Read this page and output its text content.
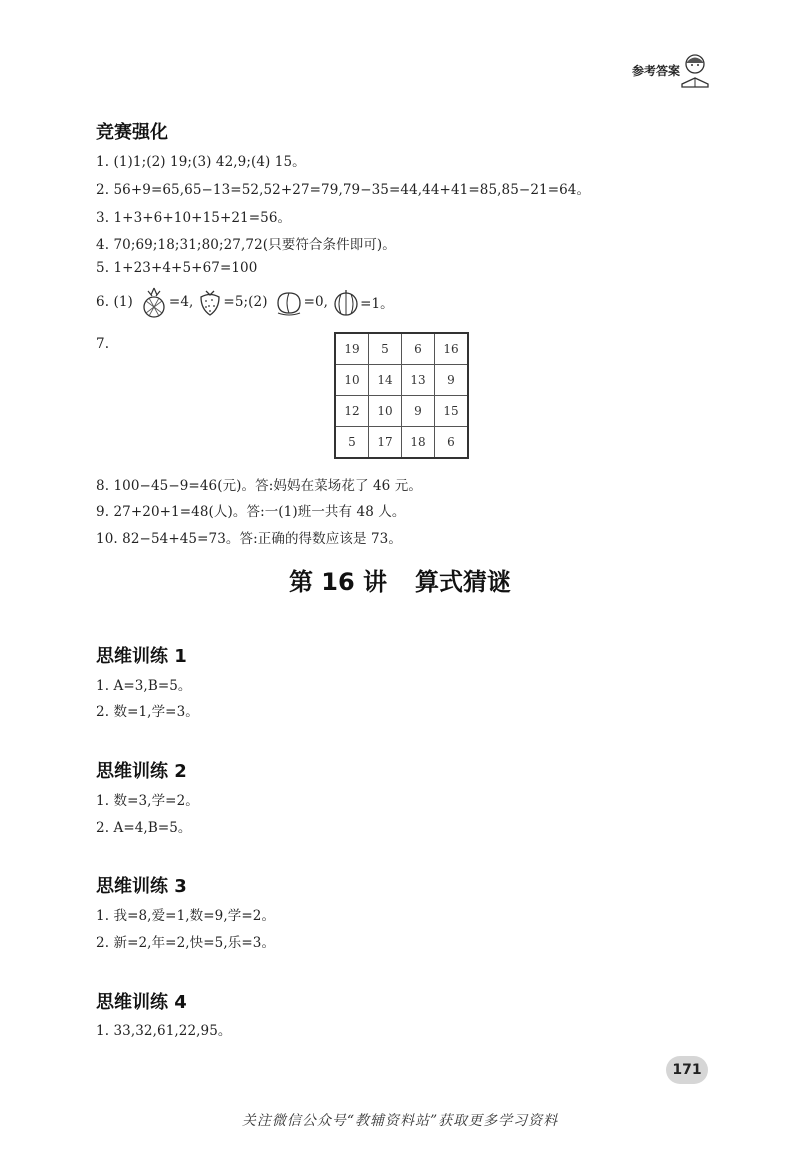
参考答案
竞赛强化
1. (1)1;(2) 19;(3) 42,9;(4) 15。
2. 56+9=65,65−13=52,52+27=79,79−35=44,44+41=85,85−21=64。
3. 1+3+6+10+15+21=56。
4. 70;69;18;31;80;27,72(只要符合条件即可)。
5. 1+23+4+5+67=100
6. (1)	=4, =5;(2)	=0, =1。
7.	19	5	6	16
10	14	13	9
12	10	9	15
5	17	18	6
8. 100−45−9=46(元)。答:妈妈在菜场花了 46 元。
9. 27+20+1=48(人)。答:一(1)班一共有 48 人。
10. 82−54+45=73。答:正确的得数应该是 73。
第 16 讲 算式猜谜
思维训练 1
1. A=3,B=5。
2. 数=1,学=3。
思维训练 2
1. 数=3,学=2。
2. A=4,B=5。
思维训练 3
1. 我=8,爱=1,数=9,学=2。
2. 新=2,年=2,快=5,乐=3。
思维训练 4
1. 33,32,61,22,95。
171
关注微信公众号“教辅资料站”获取更多学习资料
